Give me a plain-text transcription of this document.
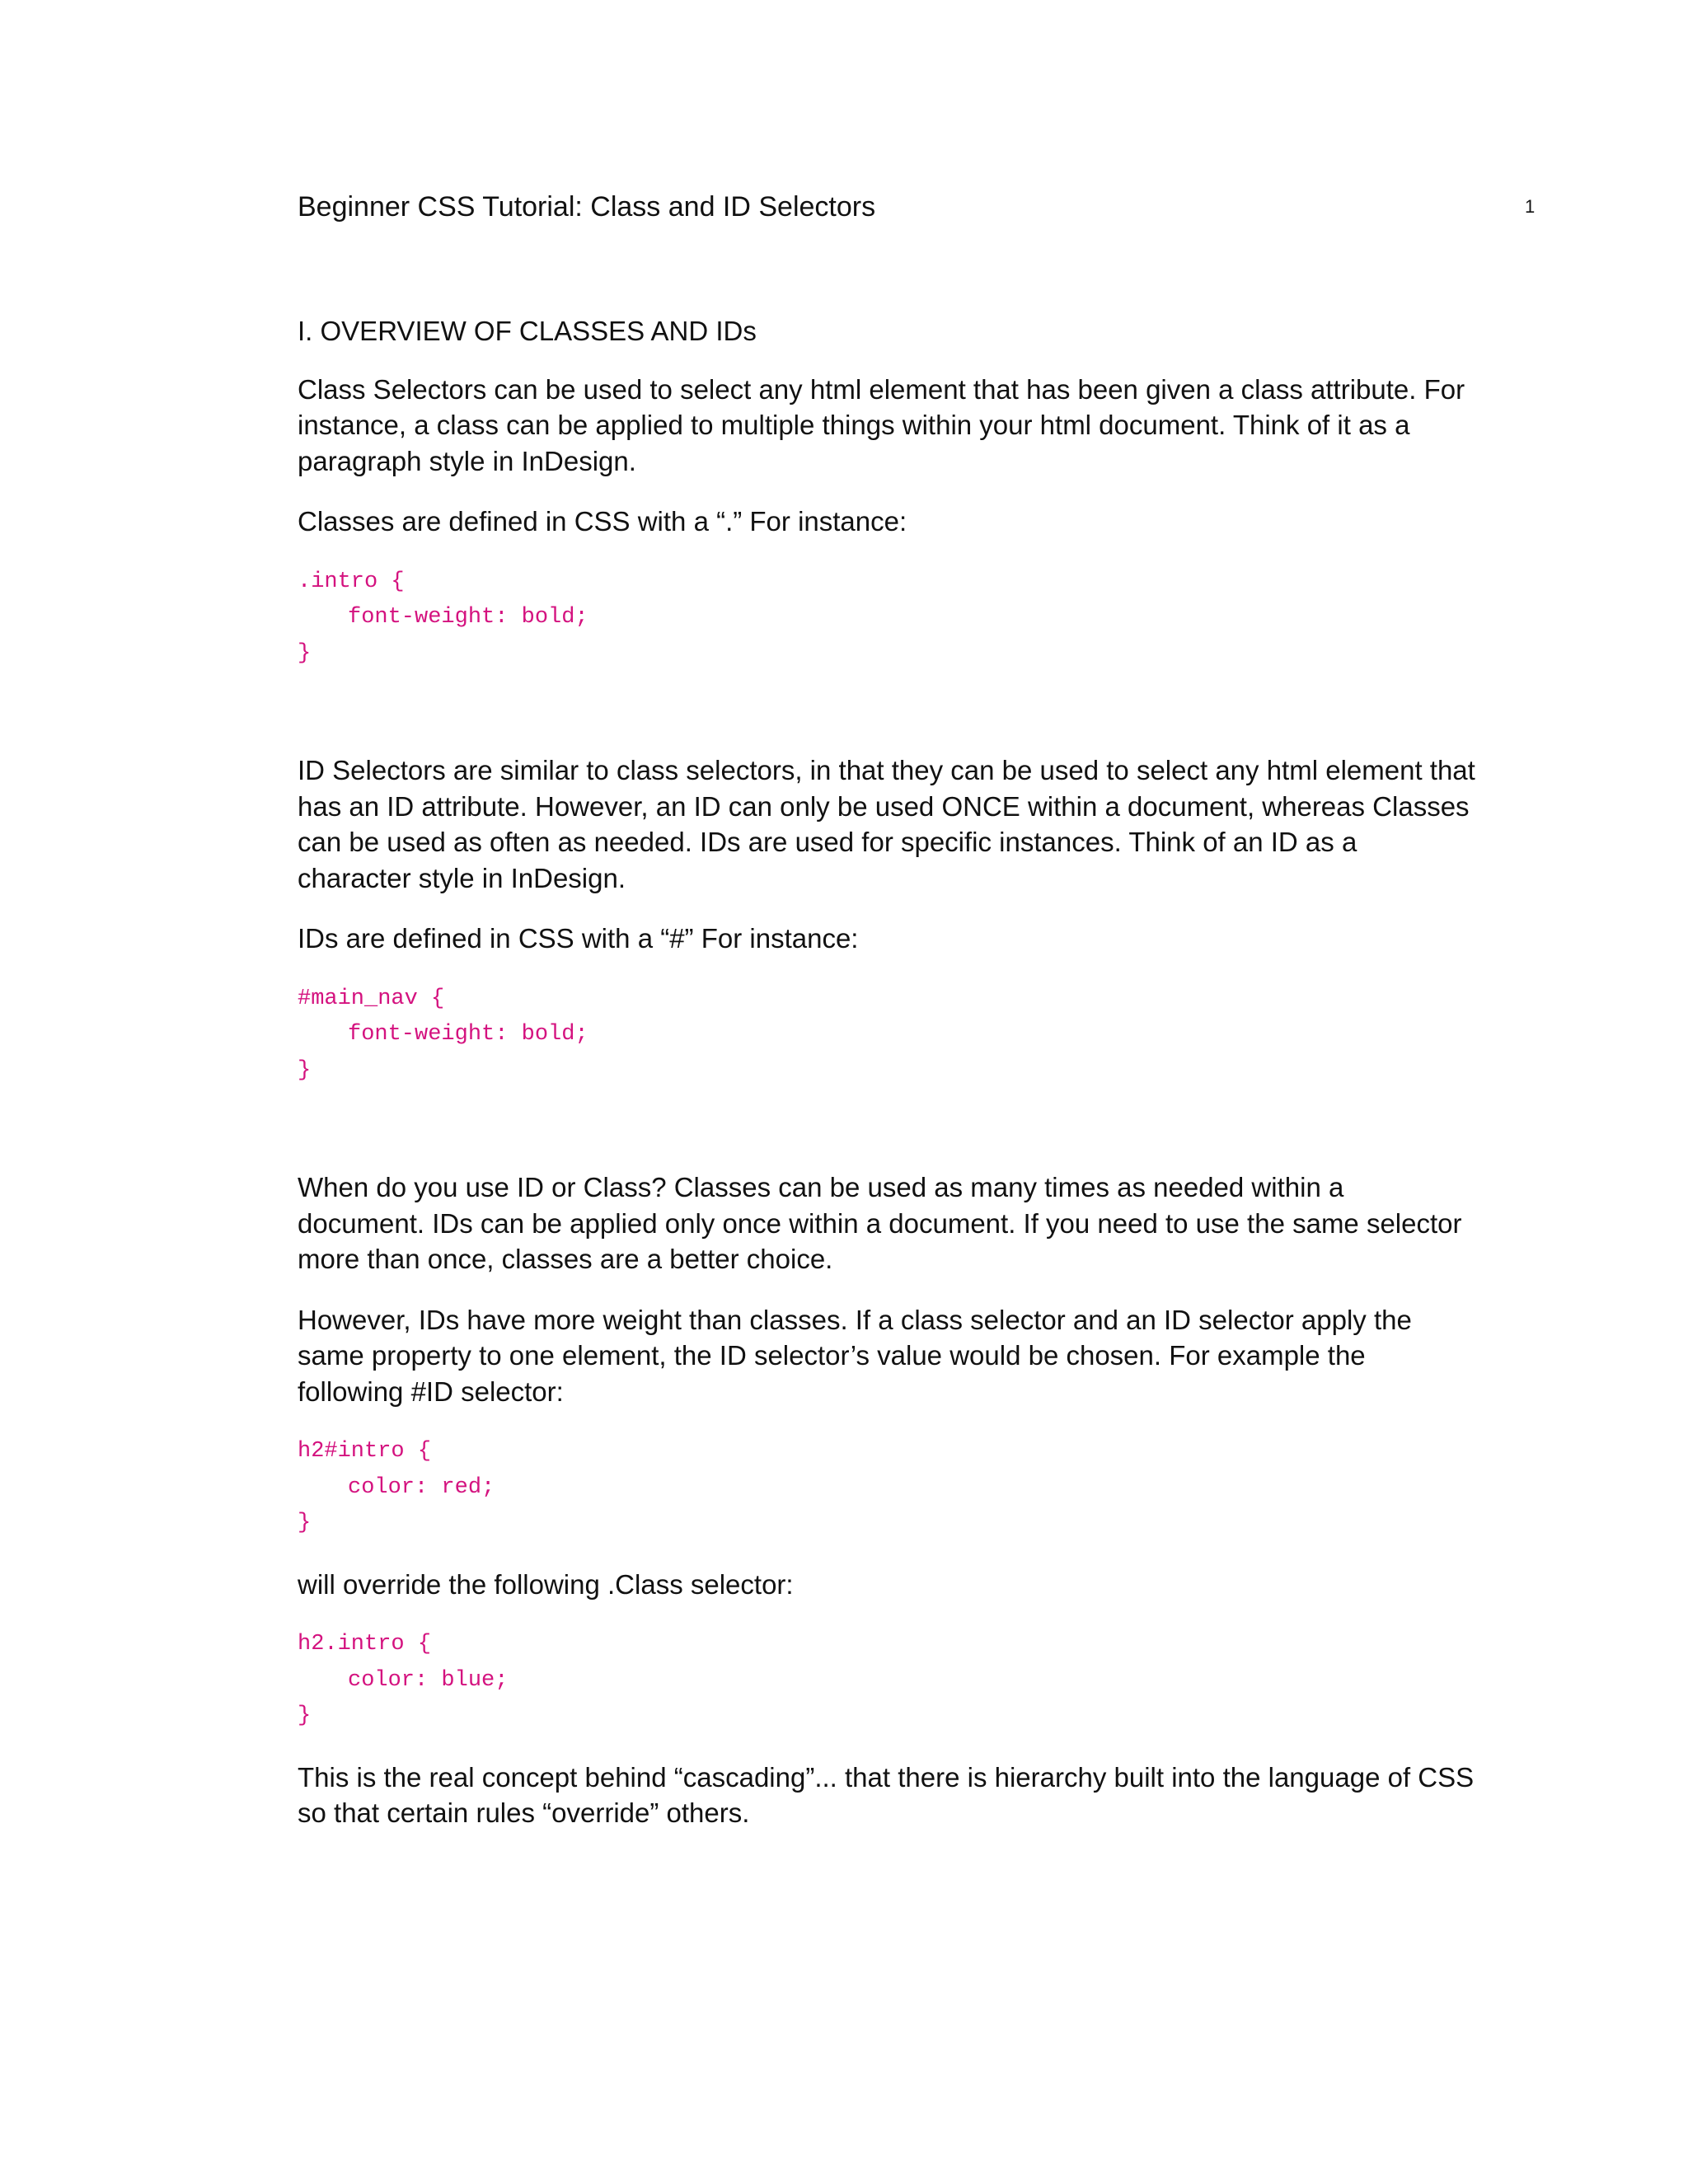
Beginner CSS Tutorial: Class and ID Selectors	1
I. OVERVIEW OF CLASSES AND IDs
Class Selectors can be used to select any html element that has been given a class attribute. For instance, a class can be applied to multiple things within your html document. Think of it as a paragraph style in InDesign.
Classes are defined in CSS with a “.” For instance:
.intro {
font-weight: bold;
}
ID Selectors are similar to class selectors, in that they can be used to select any html element that has an ID attribute. However, an ID can only be used ONCE within a document, whereas Classes can be used as often as needed. IDs are used for specific instances. Think of an ID as a character style in InDesign.
IDs are defined in CSS with a “#” For instance:
#main_nav {
font-weight: bold;
}
When do you use ID or Class? Classes can be used as many times as needed within a document. IDs can be applied only once within a document. If you need to use the same selector more than once, classes are a better choice.
However, IDs have more weight than classes. If a class selector and an ID selector apply the same property to one element, the ID selector’s value would be chosen. For example the following #ID selector:
h2#intro {
color: red;
}
will override the following .Class selector:
h2.intro {
color: blue;
}
This is the real concept behind “cascading”... that there is hierarchy built into the language of CSS so that certain rules “override” others.
